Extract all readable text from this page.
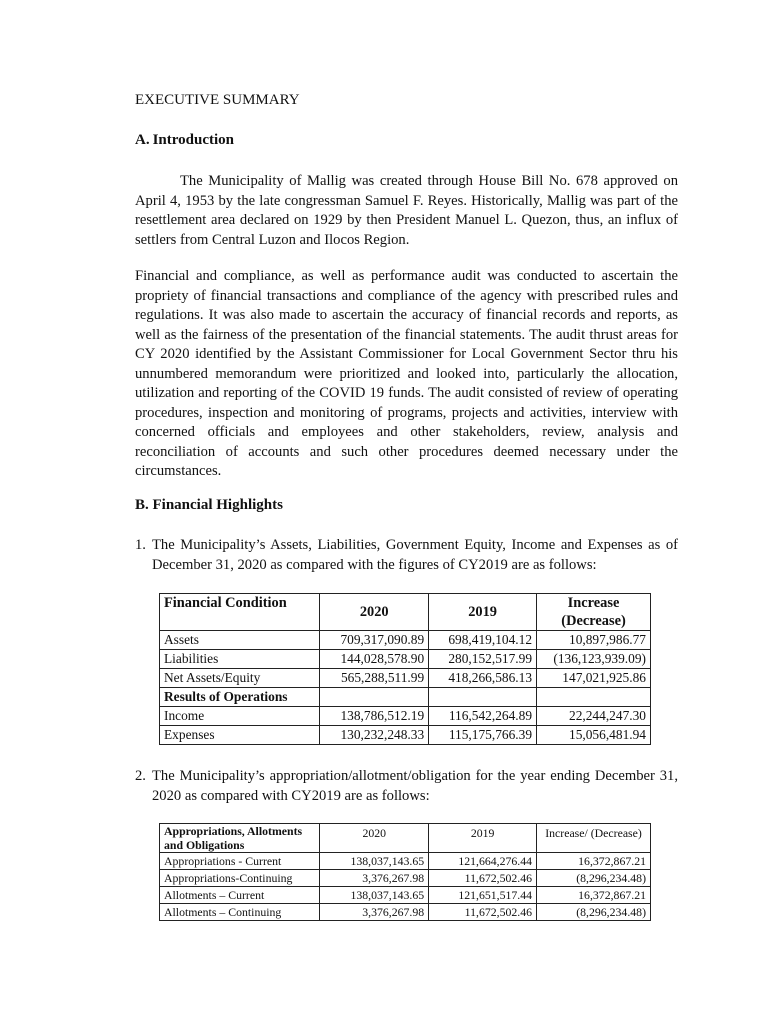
EXECUTIVE SUMMARY
A. Introduction

The Municipality of Mallig was created through House Bill No. 678 approved on April 4, 1953 by the late congressman Samuel F. Reyes. Historically, Mallig was part of the resettlement area declared on 1929 by then President Manuel L. Quezon, thus, an influx of settlers from Central Luzon and Ilocos Region.

Financial and compliance, as well as performance audit was conducted to ascertain the propriety of financial transactions and compliance of the agency with prescribed rules and regulations. It was also made to ascertain the accuracy of financial records and reports, as well as the fairness of the presentation of the financial statements. The audit thrust areas for CY 2020 identified by the Assistant Commissioner for Local Government Sector thru his unnumbered memorandum were prioritized and looked into, particularly the allocation, utilization and reporting of the COVID 19 funds. The audit consisted of review of operating procedures, inspection and monitoring of programs, projects and activities, interview with concerned officials and employees and other stakeholders, review, analysis and reconciliation of accounts and such other procedures deemed necessary under the circumstances.

B. Financial Highlights
1. The Municipality’s Assets, Liabilities, Government Equity, Income and Expenses as of December 31, 2020 as compared with the figures of CY2019 are as follows:
Financial Condition	2020	2019	Increase
(Decrease)
Assets	709,317,090.89	698,419,104.12	10,897,986.77
Liabilities	144,028,578.90	280,152,517.99	(136,123,939.09)
Net Assets/Equity	565,288,511.99	418,266,586.13	147,021,925.86
Results of Operations			
Income	138,786,512.19	116,542,264.89	22,244,247.30
Expenses	130,232,248.33	115,175,766.39	15,056,481.94
2. The Municipality’s appropriation/allotment/obligation for the year ending December 31, 2020 as compared with CY2019 are as follows:
Appropriations, Allotments
and Obligations	2020	2019	Increase/ (Decrease)
Appropriations - Current	138,037,143.65	121,664,276.44	16,372,867.21
Appropriations-Continuing	3,376,267.98	11,672,502.46	(8,296,234.48)
Allotments – Current	138,037,143.65	121,651,517.44	16,372,867.21
Allotments – Continuing	3,376,267.98	11,672,502.46	(8,296,234.48)
